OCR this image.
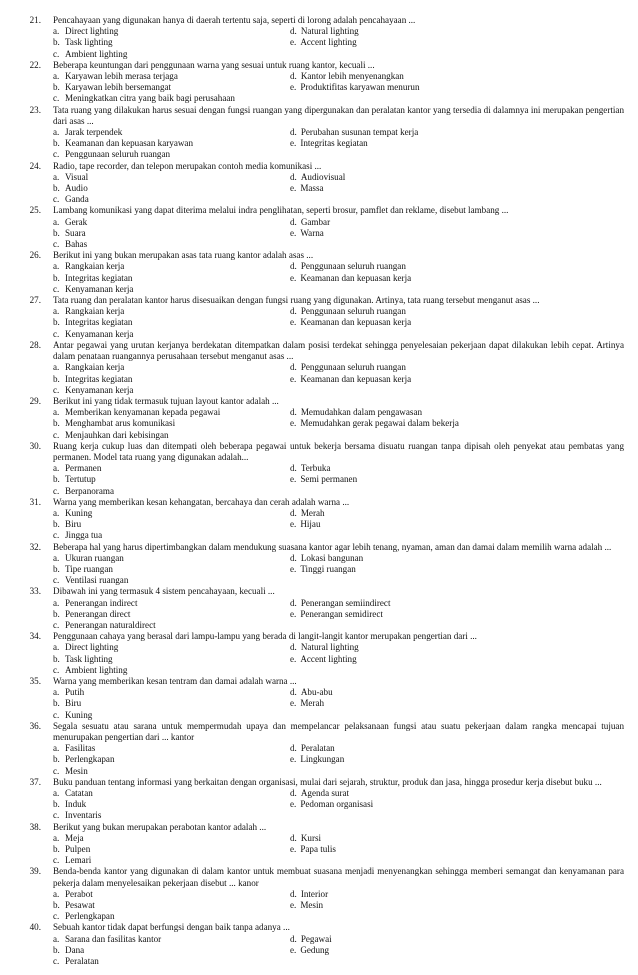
21.	Pencahayaan yang digunakan hanya di daerah tertentu saja, seperti di lorong adalah pencahayaan ...
a. Direct lighting	d. Natural lighting
b. Task lighting	e. Accent lighting
c. Ambient lighting
22.	Beberapa keuntungan dari penggunaan warna yang sesuai untuk ruang kantor, kecuali ...
a. Karyawan lebih merasa terjaga	d. Kantor lebih menyenangkan
b. Karyawan lebih bersemangat	e. Produktifitas karyawan menurun
c. Meningkatkan citra yang baik bagi perusahaan
23.	Tata ruang yang dilakukan harus sesuai dengan fungsi ruangan yang dipergunakan dan peralatan kantor yang tersedia di dalamnya ini merupakan pengertian dari asas ...
a. Jarak terpendek	d. Perubahan susunan tempat kerja
b. Keamanan dan kepuasan karyawan	e. Integritas kegiatan
c. Penggunaan seluruh ruangan
24.	Radio, tape recorder, dan telepon merupakan contoh media komunikasi ...
a. Visual	d. Audiovisual
b. Audio	e. Massa
c. Ganda
25.	Lambang komunikasi yang dapat diterima melalui indra penglihatan, seperti brosur, pamflet dan reklame, disebut lambang ...
a. Gerak	d. Gambar
b. Suara	e. Warna
c. Bahas
26.	Berikut ini yang bukan merupakan asas tata ruang kantor adalah asas ...
a. Rangkaian kerja	d. Penggunaan seluruh ruangan
b. Integritas kegiatan	e. Keamanan dan kepuasan kerja
c. Kenyamanan kerja
27.	Tata ruang dan peralatan kantor harus disesuaikan dengan fungsi ruang yang digunakan. Artinya, tata ruang tersebut menganut asas ...
a. Rangkaian kerja	d. Penggunaan seluruh ruangan
b. Integritas kegiatan	e. Keamanan dan kepuasan kerja
c. Kenyamanan kerja
28.	Antar pegawai yang urutan kerjanya berdekatan ditempatkan dalam posisi terdekat sehingga penyelesaian pekerjaan dapat dilakukan lebih cepat. Artinya dalam penataan ruangannya perusahaan tersebut menganut asas ...
a. Rangkaian kerja	d. Penggunaan seluruh ruangan
b. Integritas kegiatan	e. Keamanan dan kepuasan kerja
c. Kenyamanan kerja
29.	Berikut ini yang tidak termasuk tujuan layout kantor adalah ...
a. Memberikan kenyamanan kepada pegawai	d. Memudahkan dalam pengawasan
b. Menghambat arus komunikasi	e. Memudahkan gerak pegawai dalam bekerja
c. Menjauhkan dari kebisingan
30.	Ruang kerja cukup luas dan ditempati oleh beberapa pegawai untuk bekerja bersama disuatu ruangan tanpa dipisah oleh penyekat atau pembatas yang permanen. Model tata ruang yang digunakan adalah...
a. Permanen	d. Terbuka
b. Tertutup	e. Semi permanen
c. Berpanorama
31.	Warna yang memberikan kesan kehangatan, bercahaya dan cerah adalah warna ...
a. Kuning	d. Merah
b. Biru	e. Hijau
c. Jingga tua
32.	Beberapa hal yang harus dipertimbangkan dalam mendukung suasana kantor agar lebih tenang, nyaman, aman dan damai dalam memilih warna adalah ...
a. Ukuran ruangan	d. Lokasi bangunan
b. Tipe ruangan	e. Tinggi ruangan
c. Ventilasi ruangan
33.	Dibawah ini yang termasuk 4 sistem pencahayaan, kecuali ...
a. Penerangan indirect	d. Penerangan semiindirect
b. Penerangan direct	e. Penerangan semidirect
c. Penerangan naturaldirect
34.	Penggunaan cahaya yang berasal dari lampu-lampu yang berada di langit-langit kantor merupakan pengertian dari ...
a. Direct lighting	d. Natural lighting
b. Task lighting	e. Accent lighting
c. Ambient lighting
35.	Warna yang memberikan kesan tentram dan damai adalah warna ...
a. Putih	d. Abu-abu
b. Biru	e. Merah
c. Kuning
36.	Segala sesuatu atau sarana untuk mempermudah upaya dan mempelancar pelaksanaan fungsi atau suatu pekerjaan dalam rangka mencapai tujuan menurupakan pengertian dari ... kantor
a. Fasilitas	d. Peralatan
b. Perlengkapan	e. Lingkungan
c. Mesin
37.	Buku panduan tentang informasi yang berkaitan dengan organisasi, mulai dari sejarah, struktur, produk dan jasa, hingga prosedur kerja disebut buku ...
a. Catatan	d. Agenda surat
b. Induk	e. Pedoman organisasi
c. Inventaris
38.	Berikut yang bukan merupakan perabotan kantor adalah ...
a. Meja	d. Kursi
b. Pulpen	e. Papa tulis
c. Lemari
39.	Benda-benda kantor yang digunakan di dalam kantor untuk membuat suasana menjadi menyenangkan sehingga memberi semangat dan kenyamanan para pekerja dalam menyelesaikan pekerjaan disebut ... kanor
a. Perabot	d. Interior
b. Pesawat	e. Mesin
c. Perlengkapan
40.	Sebuah kantor tidak dapat berfungsi dengan baik tanpa adanya ...
a. Sarana dan fasilitas kantor	d. Pegawai
b. Dana	e. Gedung
c. Peralatan
